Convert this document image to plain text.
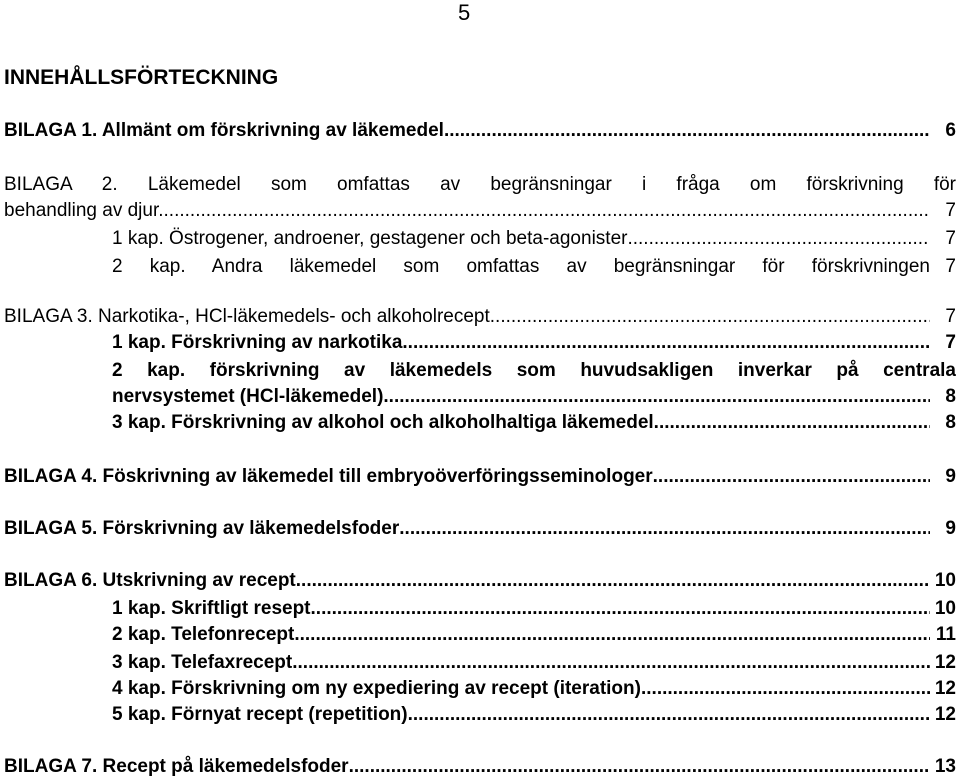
5
INNEHÅLLSFÖRTECKNING
BILAGA 1. Allmänt om förskrivning av läkemedel .....	6
BILAGA 2. Läkemedel som omfattas av begränsningar i fråga om förskrivning för
behandling av djur. .....	7
1 kap. Östrogener, androener, gestagener och beta-agonister .....	7
2 kap. Andra läkemedel som omfattas av begränsningar för förskrivningen 7
BILAGA 3. Narkotika-, HCl-läkemedels- och alkoholrecept .....	7
1 kap. Förskrivning av narkotika .....	7
2 kap. förskrivning av läkemedels som huvudsakligen inverkar på centrala
nervsystemet (HCl-läkemedel) .....	8
3 kap. Förskrivning av alkohol och alkoholhaltiga läkemedel .....	8
BILAGA 4. Föskrivning av läkemedel till embryoöverföringsseminologer .....	9
BILAGA 5. Förskrivning av läkemedelsfoder .....	9
BILAGA 6. Utskrivning av recept .....	10
1 kap. Skriftligt resept .....	10
2 kap. Telefonrecept .....	11
3 kap. Telefaxrecept .....	12
4 kap. Förskrivning om ny expediering av recept (iteration) .....	12
5 kap. Förnyat recept (repetition) .....	12
BILAGA 7. Recept på läkemedelsfoder .....	13
